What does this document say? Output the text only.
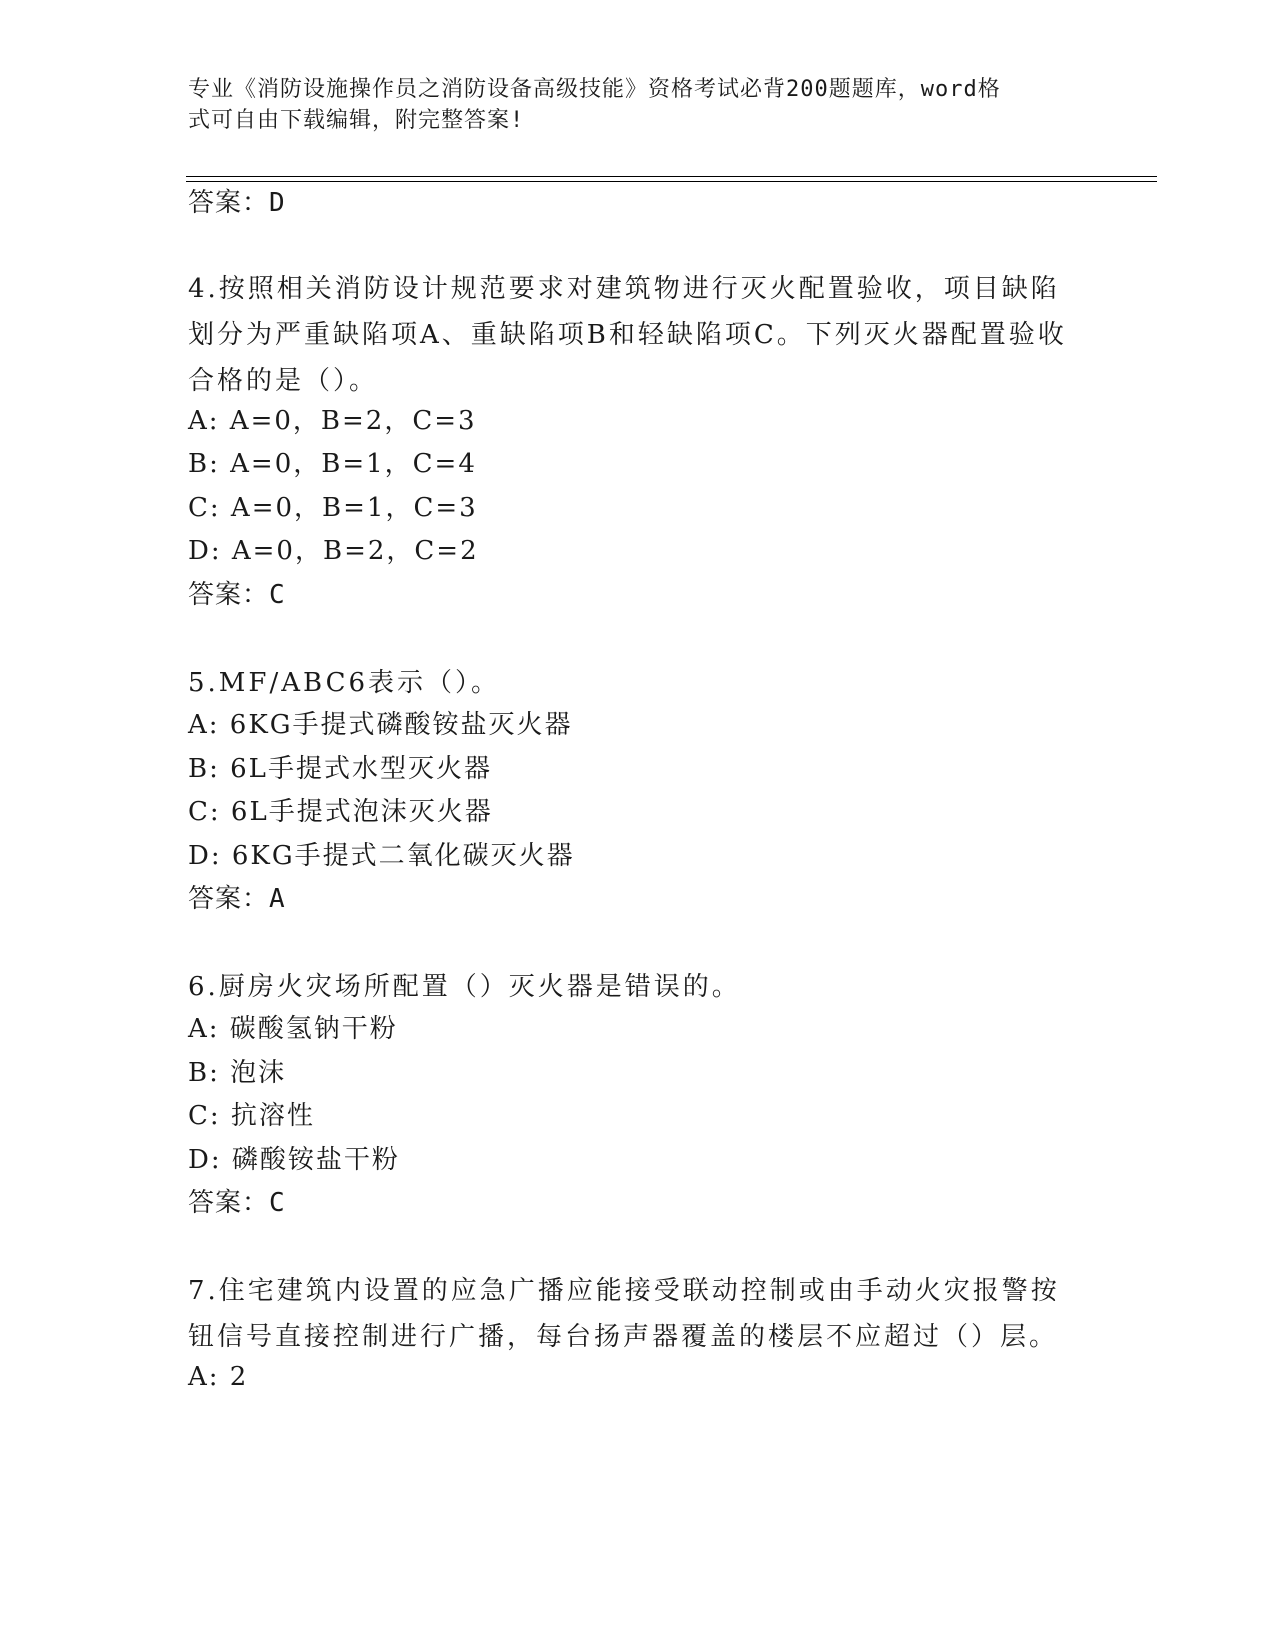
专业《消防设施操作员之消防设备高级技能》资格考试必背200题题库，word格
式可自由下载编辑，附完整答案!
答案：D
4.按照相关消防设计规范要求对建筑物进行灭火配置验收，项目缺陷
划分为严重缺陷项A、重缺陷项B和轻缺陷项C。下列灭火器配置验收
合格的是（）。
A: A=0，B=2，C=3
B: A=0，B=1，C=4
C: A=0，B=1，C=3
D: A=0，B=2，C=2
答案：C
5.MF/ABC6表示（）。
A: 6KG手提式磷酸铵盐灭火器
B: 6L手提式水型灭火器
C: 6L手提式泡沫灭火器
D: 6KG手提式二氧化碳灭火器
答案：A
6.厨房火灾场所配置（）灭火器是错误的。
A: 碳酸氢钠干粉
B: 泡沫
C: 抗溶性
D: 磷酸铵盐干粉
答案：C
7.住宅建筑内设置的应急广播应能接受联动控制或由手动火灾报警按
钮信号直接控制进行广播，每台扬声器覆盖的楼层不应超过（）层。
A: 2
